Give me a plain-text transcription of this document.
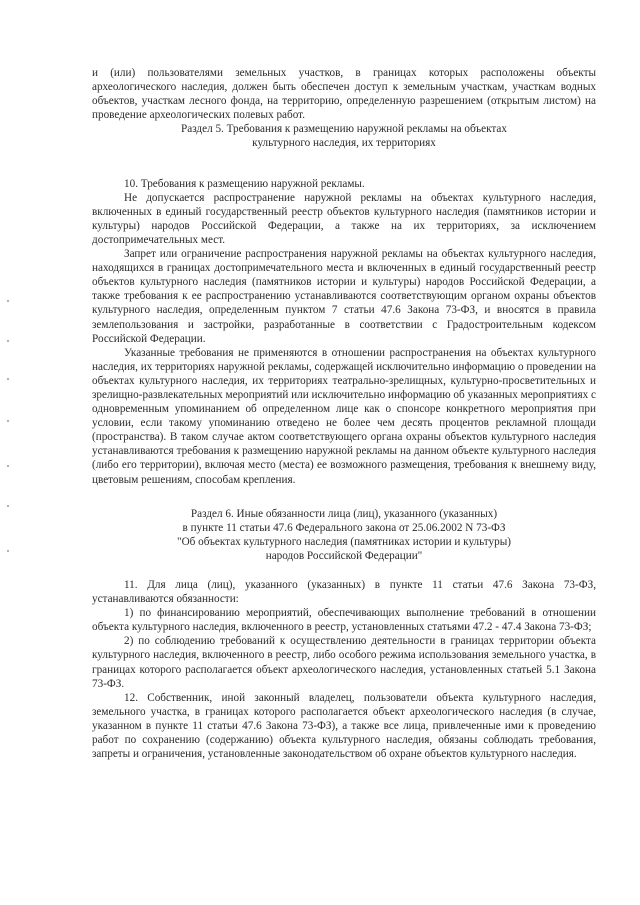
и (или) пользователями земельных участков, в границах которых расположены объекты археологического наследия, должен быть обеспечен доступ к земельным участкам, участкам водных объектов, участкам лесного фонда, на территорию, определенную разрешением (открытым листом) на проведение археологических полевых работ.

Раздел 5. Требования к размещению наружной рекламы на объектах

культурного наследия, их территориях

10. Требования к размещению наружной рекламы.

Не допускается распространение наружной рекламы на объектах культурного наследия, включенных в единый государственный реестр объектов культурного наследия (памятников истории и культуры) народов Российской Федерации, а также на их территориях, за исключением достопримечательных мест.

Запрет или ограничение распространения наружной рекламы на объектах культурного наследия, находящихся в границах достопримечательного места и включенных в единый государственный реестр объектов культурного наследия (памятников истории и культуры) народов Российской Федерации, а также требования к ее распространению устанавливаются соответствующим органом охраны объектов культурного наследия, определенным пунктом 7 статьи 47.6 Закона 73-ФЗ, и вносятся в правила землепользования и застройки, разработанные в соответствии с Градостроительным кодексом Российской Федерации.

Указанные требования не применяются в отношении распространения на объектах культурного наследия, их территориях наружной рекламы, содержащей исключительно информацию о проведении на объектах культурного наследия, их территориях театрально-зрелищных, культурно-просветительных и зрелищно-развлекательных мероприятий или исключительно информацию об указанных мероприятиях с одновременным упоминанием об определенном лице как о спонсоре конкретного мероприятия при условии, если такому упоминанию отведено не более чем десять процентов рекламной площади (пространства). В таком случае актом соответствующего органа охраны объектов культурного наследия устанавливаются требования к размещению наружной рекламы на данном объекте культурного наследия (либо его территории), включая место (места) ее возможного размещения, требования к внешнему виду, цветовым решениям, способам крепления.

Раздел 6. Иные обязанности лица (лиц), указанного (указанных)

в пункте 11 статьи 47.6 Федерального закона от 25.06.2002 N 73-ФЗ

"Об объектах культурного наследия (памятниках истории и культуры)

народов Российской Федерации"

11. Для лица (лиц), указанного (указанных) в пункте 11 статьи 47.6 Закона 73-ФЗ, устанавливаются обязанности:

1) по финансированию мероприятий, обеспечивающих выполнение требований в отношении объекта культурного наследия, включенного в реестр, установленных статьями 47.2 - 47.4 Закона 73-ФЗ;

2) по соблюдению требований к осуществлению деятельности в границах территории объекта культурного наследия, включенного в реестр, либо особого режима использования земельного участка, в границах которого располагается объект археологического наследия, установленных статьей 5.1 Закона 73-ФЗ.

12. Собственник, иной законный владелец, пользователи объекта культурного наследия, земельного участка, в границах которого располагается объект археологического наследия (в случае, указанном в пункте 11 статьи 47.6 Закона 73-ФЗ), а также все лица, привлеченные ими к проведению работ по сохранению (содержанию) объекта культурного наследия, обязаны соблюдать требования, запреты и ограничения, установленные законодательством об охране объектов культурного наследия.
